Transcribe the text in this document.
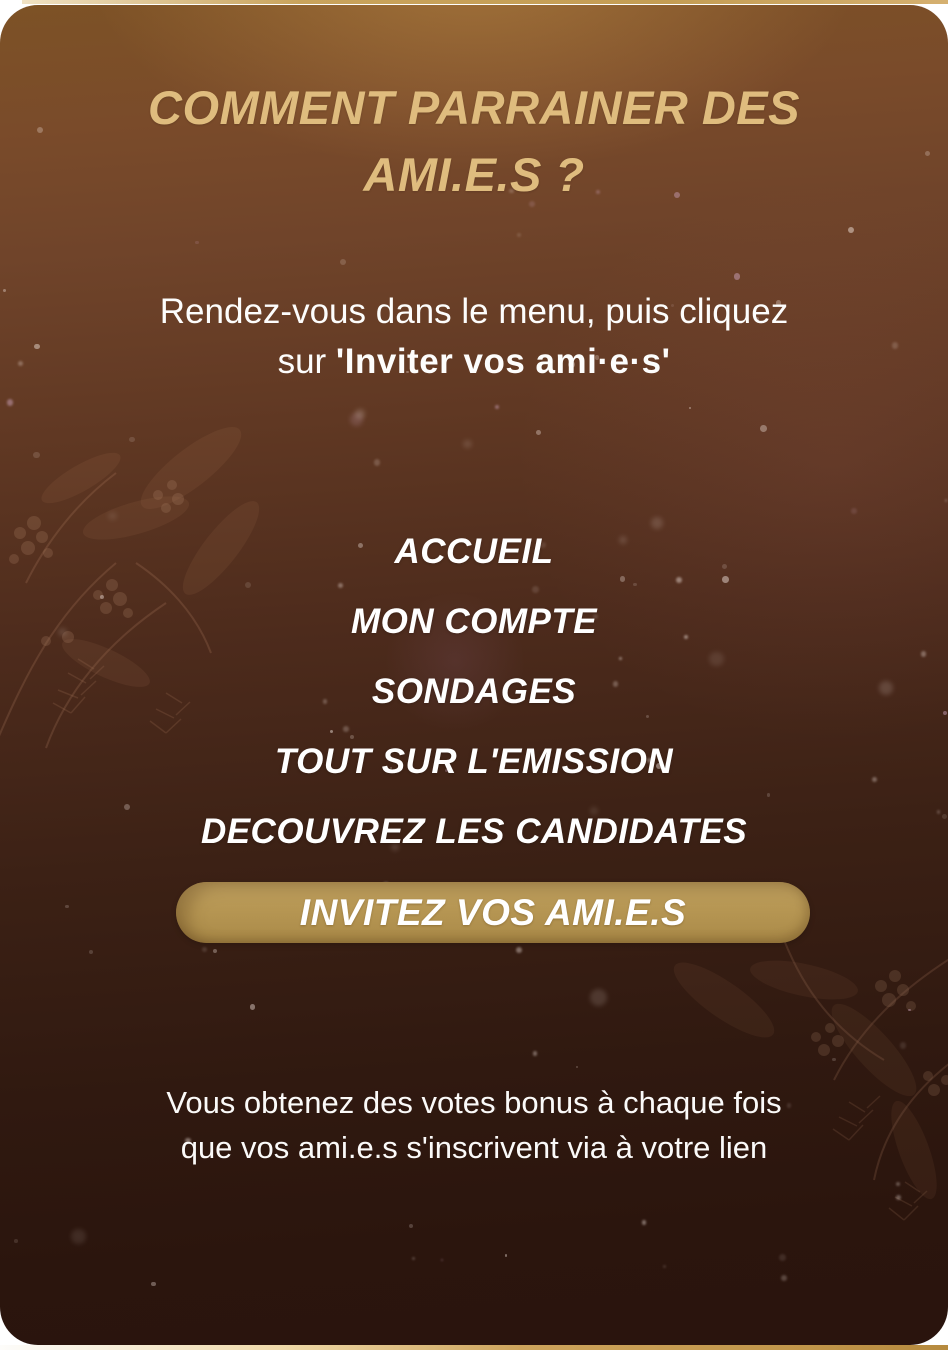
COMMENT PARRAINER DES AMI.E.S ?

Rendez-vous dans le menu, puis cliquez
sur 'Inviter vos ami·e·s'

ACCUEIL
MON COMPTE
SONDAGES
TOUT SUR L'EMISSION
DECOUVREZ LES CANDIDATES
INVITEZ VOS AMI.E.S

Vous obtenez des votes bonus à chaque fois
que vos ami.e.s s'inscrivent via à votre lien
